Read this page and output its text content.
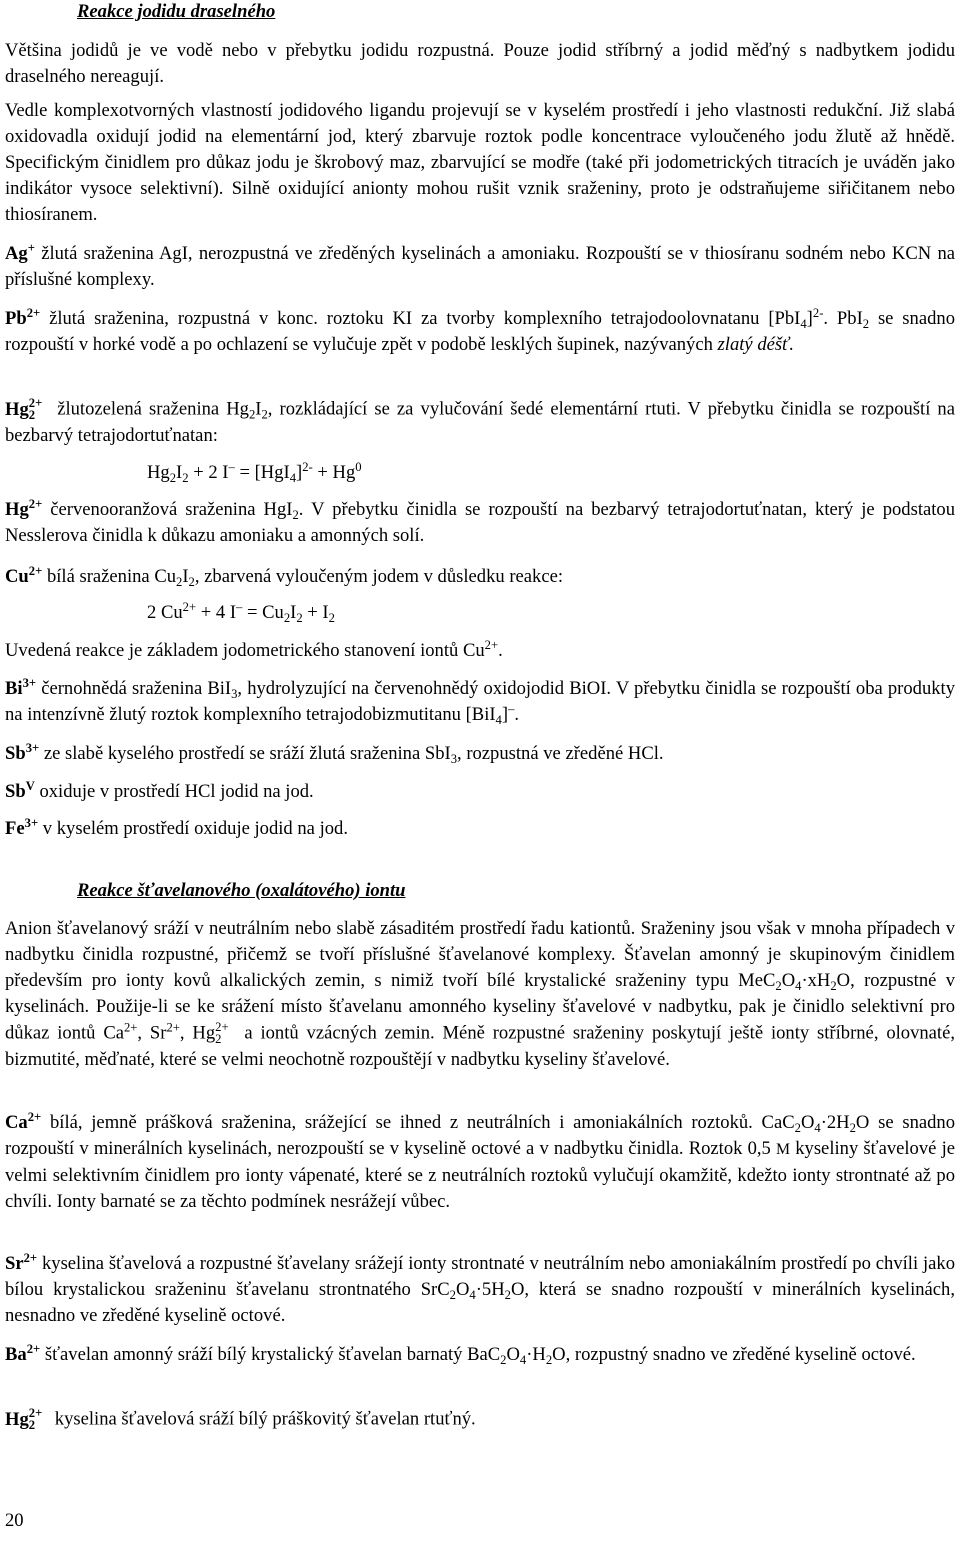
Reakce jodidu draselného

Většina jodidů je ve vodě nebo v přebytku jodidu rozpustná. Pouze jodid stříbrný a jodid měďný s nadbytkem jodidu draselného nereagují.

Vedle komplexotvorných vlastností jodidového ligandu projevují se v kyselém prostředí i jeho vlastnosti redukční. Již slabá oxidovadla oxidují jodid na elementární jod, který zbarvuje roztok podle koncentrace vyloučeného jodu žlutě až hnědě. Specifickým činidlem pro důkaz jodu je škrobový maz, zbarvující se modře (také při jodometrických titracích je uváděn jako indikátor vysoce selektivní). Silně oxidující anionty mohou rušit vznik sraženiny, proto je odstraňujeme siřičitanem nebo thiosíranem.

Ag+ žlutá sraženina AgI, nerozpustná ve zředěných kyselinách a amoniaku. Rozpouští se v thiosíranu sodném nebo KCN na příslušné komplexy.

$Pb^{2+}$ žlutá sraženina, rozpustná v konc. roztoku KI za tvorby komplexního tetrajodoolovnatanu $[PbI_4]^{2-}$. PbI$_2$ se snadno rozpouští v horké vodě a po ochlazení se vylučuje zpět v podobě lesklých šupinek, nazývaných zlatý déšť.

Hg 2+
2 žlutozelená sraženina $Hg_2I_2$, rozkládající se za vylučování šedé elementární rtuti. V přebytku činidla se rozpouští na bezbarvý tetrajodortuťnatan:

$Hg_2I_2 + 2$ $I^- = [HgI_4]^{2-} + Hg^0$

$Hg^{2+}$ červenooranžová sraženina HgI$_2$. V přebytku činidla se rozpouští na bezbarvý tetrajodortuťnatan, který je podstatou Nesslerova činidla k důkazu amoniaku a amonných solí.

$Cu^{2+}$ bílá sraženina $Cu_2I_2$, zbarvená vyloučeným jodem v důsledku reakce:

2 $Cu^{2+} + 4$ $I^- = Cu_2I_2 + I_2$

Uvedená reakce je základem jodometrického stanovení iontů $Cu^{2+}$.

$Bi^{3+}$ černohnědá sraženina BiI$_3$, hydrolyzující na červenohnědý oxidojodid BiOI. V přebytku činidla se rozpouští oba produkty na intenzívně žlutý roztok komplexního tetrajodobizmutitanu [BiI$_4$]–.

$Sb^{3+}$ ze slabě kyselého prostředí se sráží žlutá sraženina SbI$_3$, rozpustná ve zředěné HCl.

$Sb^V$ oxiduje v prostředí HCl jodid na jod.

$Fe^{3+}$ v kyselém prostředí oxiduje jodid na jod.

Reakce šťavelanového (oxalátového) iontu

Anion šťavelanový sráží v neutrálním nebo slabě zásaditém prostředí řadu kationtů. Sraženiny jsou však v mnoha případech v nadbytku činidla rozpustné, přičemž se tvoří příslušné šťavelanové komplexy. Šťavelan amonný je skupinovým činidlem především pro ionty kovů alkalických zemin, s nimiž tvoří bílé krystalické sraženiny typu $MeC_2O_4\cdot xH_2O$, rozpustné v kyselinách. Použije-li se ke srážení místo šťavelanu amonného kyseliny šťavelové v nadbytku, pak je činidlo selektivní pro důkaz iontů $Ca^{2+}$, $Sr^{2+}$, Hg 2+
2 a iontů vzácných zemin. Méně rozpustné sraženiny poskytují ještě ionty stříbrné, olovnaté, bizmutité, měďnaté, které se velmi neochotně rozpouštějí v nadbytku kyseliny šťavelové.

$Ca^{2+}$ bílá, jemně prášková sraženina, srážející se ihned z neutrálních i amoniakálních roztoků. $CaC_2O_4\cdot 2H_2O$ se snadno rozpouští v minerálních kyselinách, nerozpouští se v kyselině octové a v nadbytku činidla. Roztok 0,5 M kyseliny šťavelové je velmi selektivním činidlem pro ionty vápenaté, které se z neutrálních roztoků vylučují okamžitě, kdežto ionty strontnaté až po chvíli. Ionty barnaté se za těchto podmínek nesrážejí vůbec.

$Sr^{2+}$ kyselina šťavelová a rozpustné šťavelany srážejí ionty strontnaté v neutrálním nebo amoniakálním prostředí po chvíli jako bílou krystalickou sraženinu šťavelanu strontnatého $SrC_2O_4\cdot 5H_2O$, která se snadno rozpouští v minerálních kyselinách, nesnadno ve zředěné kyselině octové.

$Ba^{2+}$ šťavelan amonný sráží bílý krystalický šťavelan barnatý $BaC_2O_4\cdot H_2O$, rozpustný snadno ve zředěné kyselině octové.

Hg 2+
2 kyselina šťavelová sráží bílý práškovitý šťavelan rtuťný.

20
